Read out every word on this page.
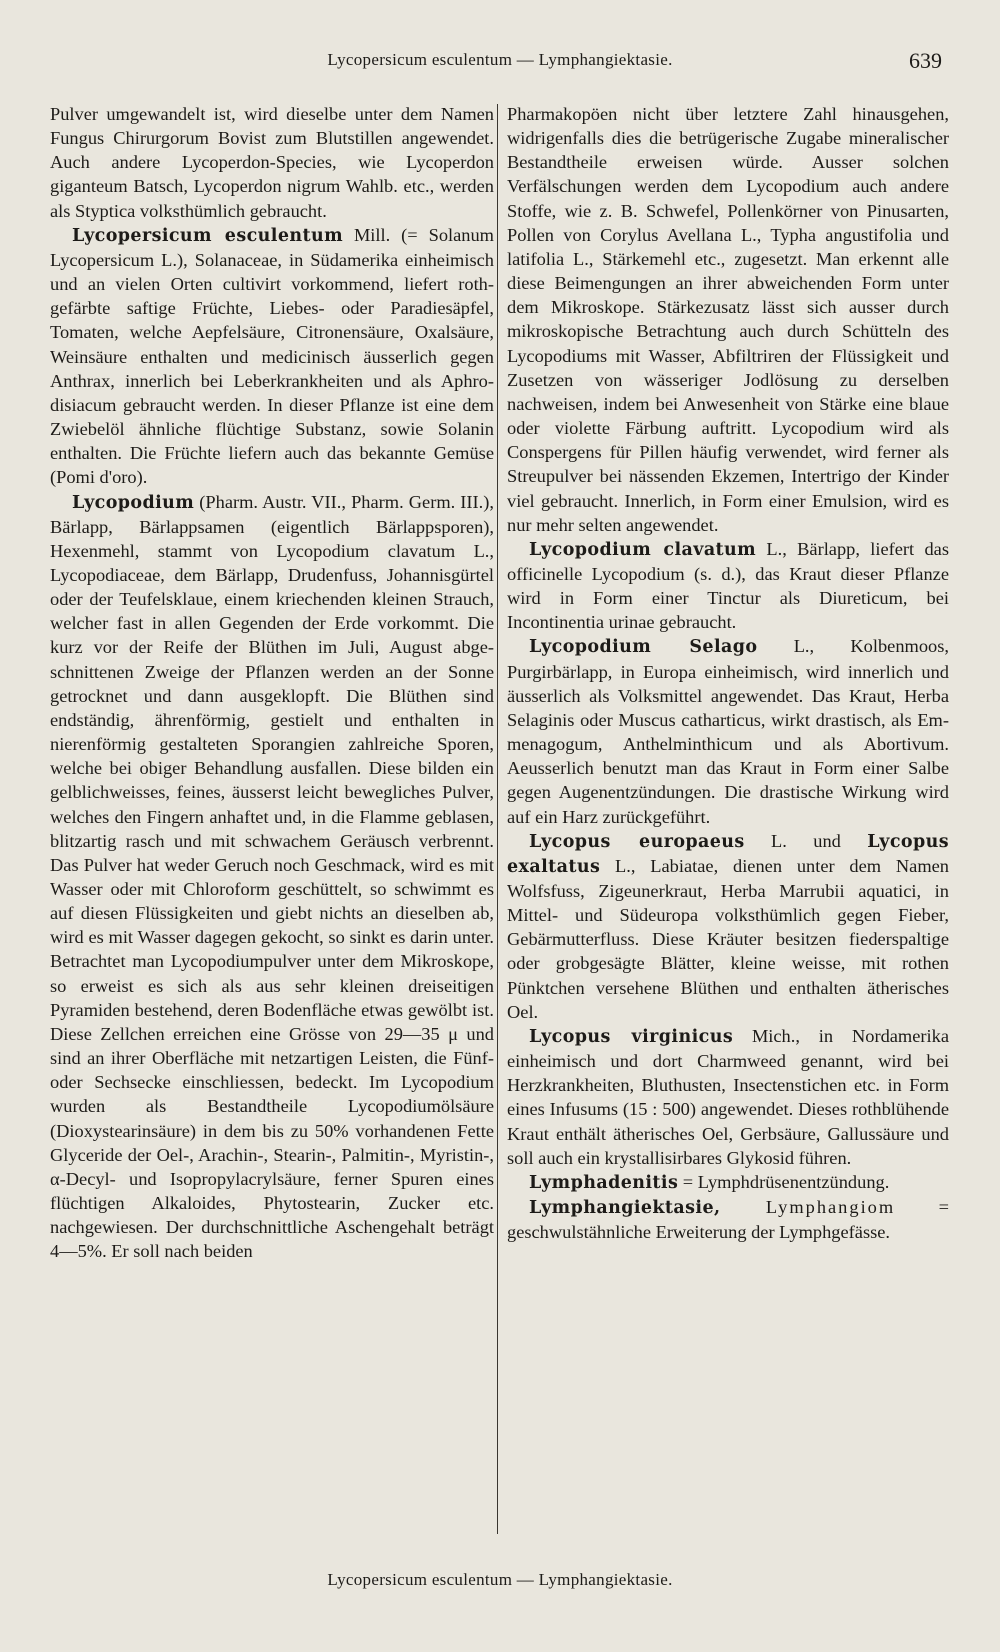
Lycopersicum esculentum — Lymphangiektasie.	639

Pulver umgewandelt ist, wird dieselbe unter dem Namen Fungus Chirurgorum Bovist zum Blutstillen angewendet. Auch andere Lycoperdon-Species, wie Lycoperdon giganteum Batsch, Lycoperdon nigrum Wahlb. etc., werden als Styptica volksthümlich gebraucht.

Lycopersicum esculentum Mill. (= Solanum Lycopersicum L.), Solanaceae, in Südamerika einheimisch und an vielen Orten cultivirt vorkommend, liefert rothgefärbte saftige Früchte, Liebes- oder Paradiesäpfel, Tomaten, welche Aepfelsäure, Citronensäure, Oxalsäure, Weinsäure enthalten und medicinisch äusserlich gegen Anthrax, innerlich bei Leberkrankheiten und als Aphrodisiacum gebraucht werden. In dieser Pflanze ist eine dem Zwiebelöl ähnliche flüchtige Substanz, sowie Solanin enthalten. Die Früchte liefern auch das bekannte Gemüse (Pomi d'oro).

Lycopodium (Pharm. Austr. VII., Pharm. Germ. III.), Bärlapp, Bärlappsamen (eigentlich Bärlappsporen), Hexenmehl, stammt von Lycopodium clavatum L., Lycopodiaceae, dem Bärlapp, Drudenfuss, Johannisgürtel oder der Teufelsklaue, einem kriechenden kleinen Strauch, welcher fast in allen Gegenden der Erde vorkommt. Die kurz vor der Reife der Blüthen im Juli, August abgeschnittenen Zweige der Pflanzen werden an der Sonne getrocknet und dann ausgeklopft. Die Blüthen sind endständig, ährenförmig, gestielt und enthalten in nierenförmig gestalteten Sporangien zahlreiche Sporen, welche bei obiger Behandlung ausfallen. Diese bilden ein gelblichweisses, feines, äusserst leicht bewegliches Pulver, welches den Fingern anhaftet und, in die Flamme geblasen, blitzartig rasch und mit schwachem Geräusch verbrennt. Das Pulver hat weder Geruch noch Geschmack, wird es mit Wasser oder mit Chloroform geschüttelt, so schwimmt es auf diesen Flüssigkeiten und giebt nichts an dieselben ab, wird es mit Wasser dagegen gekocht, so sinkt es darin unter. Betrachtet man Lycopodiumpulver unter dem Mikroskope, so erweist es sich als aus sehr kleinen dreiseitigen Pyramiden bestehend, deren Bodenfläche etwas gewölbt ist. Diese Zellchen erreichen eine Grösse von 29—35 μ und sind an ihrer Oberfläche mit netzartigen Leisten, die Fünf- oder Sechsecke einschliessen, bedeckt. Im Lycopodium wurden als Bestandtheile Lycopodiumölsäure (Dioxystearinsäure) in dem bis zu 50% vorhandenen Fette Glyceride der Oel-, Arachin-, Stearin-, Palmitin-, Myristin-, α-Decyl- und Isopropylacrylsäure, ferner Spuren eines flüchtigen Alkaloides, Phytostearin, Zucker etc. nachgewiesen. Der durchschnittliche Aschengehalt beträgt 4—5%. Er soll nach beiden

Pharmakopöen nicht über letztere Zahl hinausgehen, widrigenfalls dies die betrügerische Zugabe mineralischer Bestandtheile erweisen würde. Ausser solchen Verfälschungen werden dem Lycopodium auch andere Stoffe, wie z. B. Schwefel, Pollenkörner von Pinusarten, Pollen von Corylus Avellana L., Typha angustifolia und latifolia L., Stärkemehl etc., zugesetzt. Man erkennt alle diese Beimengungen an ihrer abweichenden Form unter dem Mikroskope. Stärkezusatz lässt sich ausser durch mikroskopische Betrachtung auch durch Schütteln des Lycopodiums mit Wasser, Abfiltriren der Flüssigkeit und Zusetzen von wässeriger Jodlösung zu derselben nachweisen, indem bei Anwesenheit von Stärke eine blaue oder violette Färbung auftritt. Lycopodium wird als Conspergens für Pillen häufig verwendet, wird ferner als Streupulver bei nässenden Ekzemen, Intertrigo der Kinder viel gebraucht. Innerlich, in Form einer Emulsion, wird es nur mehr selten angewendet.

Lycopodium clavatum L., Bärlapp, liefert das officinelle Lycopodium (s. d.), das Kraut dieser Pflanze wird in Form einer Tinctur als Diureticum, bei Incontinentia urinae gebraucht.

Lycopodium Selago L., Kolbenmoos, Purgirbärlapp, in Europa einheimisch, wird innerlich und äusserlich als Volksmittel angewendet. Das Kraut, Herba Selaginis oder Muscus catharticus, wirkt drastisch, als Emmenagogum, Anthelminthicum und als Abortivum. Aeusserlich benutzt man das Kraut in Form einer Salbe gegen Augenentzündungen. Die drastische Wirkung wird auf ein Harz zurückgeführt.

Lycopus europaeus L. und Lycopus exaltatus L., Labiatae, dienen unter dem Namen Wolfsfuss, Zigeunerkraut, Herba Marrubii aquatici, in Mittel- und Südeuropa volksthümlich gegen Fieber, Gebärmutterfluss. Diese Kräuter besitzen fiederspaltige oder grobgesägte Blätter, kleine weisse, mit rothen Pünktchen versehene Blüthen und enthalten ätherisches Oel.

Lycopus virginicus Mich., in Nordamerika einheimisch und dort Charmweed genannt, wird bei Herzkrankheiten, Bluthusten, Insectenstichen etc. in Form eines Infusums (15 : 500) angewendet. Dieses rothblühende Kraut enthält ätherisches Oel, Gerbsäure, Gallussäure und soll auch ein krystallisirbares Glykosid führen.

Lymphadenitis = Lymphdrüsenentzündung.

Lymphangiektasie, Lymphangiom = geschwulstähnliche Erweiterung der Lymphgefässe.

Lycopersicum esculentum — Lymphangiektasie.
